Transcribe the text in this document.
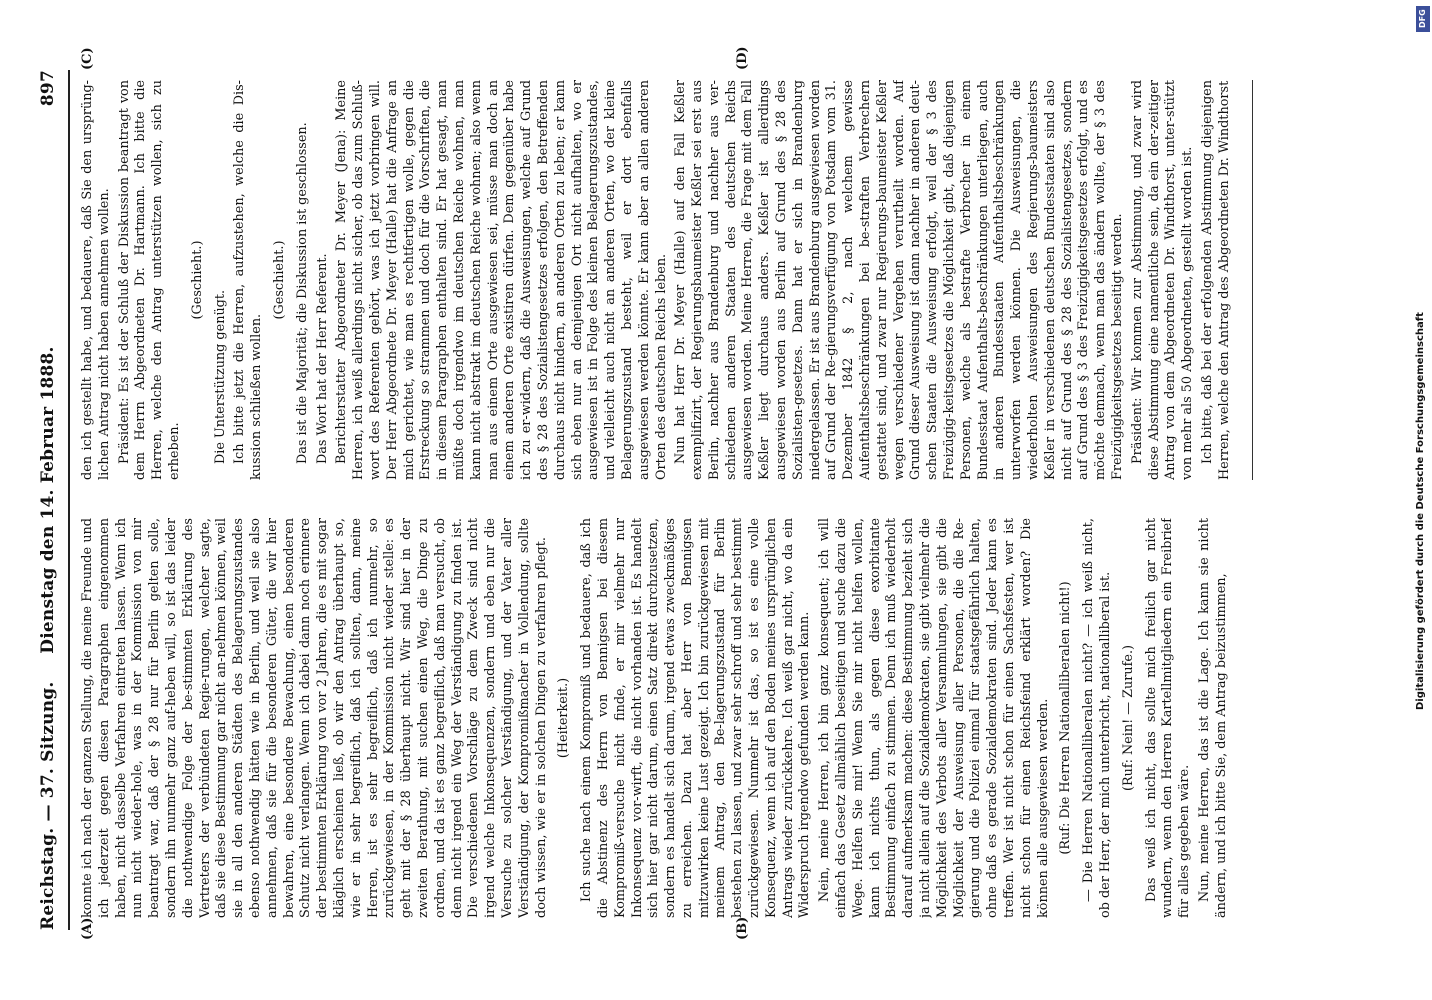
Reichstag. — 37. Sitzung.
Dienstag den 14. Februar 1888.
897
(A)	(B)
(C)	(D)

konnte ich nach der ganzen Stellung, die meine Freunde und ich jederzeit gegen diesen Paragraphen eingenommen haben, nicht dasselbe Verfahren eintreten lassen. Wenn ich nun nicht wieder-hole, was in der Kommission von mir beantragt war, daß der § 28 nur für Berlin gelten solle, sondern ihn nunmehr ganz auf-heben will, so ist das leider die nothwendige Folge der be-stimmten Erklärung des Vertreters der verbündeten Regie-rungen, welcher sagte, daß sie diese Bestimmung gar nicht an-nehmen können, weil sie in all den anderen Städten des Belagerungszustandes ebenso nothwendig hätten wie in Berlin, und weil sie also annehmen, daß sie für die besonderen Güter, die wir hier bewahren, eine besondere Bewachung, einen besonderen Schutz nicht verlangen. Wenn ich dabei dann noch erinnere der bestimmten Erklärung von vor 2 Jahren, die es mit sogar kläglich erscheinen ließ, ob wir den Antrag überhaupt so, wie er in sehr begreiflich, daß ich sollten, dann, meine Herren, ist es sehr begreiflich, daß ich nunmehr, so zurückgewiesen, in der Kommission nicht wieder stelle: es geht mit der § 28 überhaupt nicht. Wir sind hier in der zweiten Berathung, mit suchen einen Weg, die Dinge zu ordnen, und da ist es ganz begreiflich, daß man versucht, ob denn nicht irgend ein Weg der Verständigung zu finden ist. Die verschiedenen Vorschläge zu dem Zweck sind nicht irgend welche Inkonsequenzen, sondern und eben nur die Versuche zu solcher Verständigung, und der Vater aller Verständigung, der Kompromißmacher in Vollendung, sollte doch wissen, wie er in solchen Dingen zu verfahren pflegt. (Heiterkeit.) Ich suche nach einem Kompromiß und bedauere, daß ich die Abstinenz des Herrn von Bennigsen bei diesem Kompromiß-versuche nicht finde, er mir vielmehr nur Inkonsequenz vor-wirft, die nicht vorhanden ist. Es handelt sich hier gar nicht darum, einen Satz direkt durchzusetzen, sondern es handelt sich darum, irgend etwas zweckmäßiges zu erreichen. Dazu hat aber Herr von Bennigsen mitzuwirken keine Lust gezeigt. Ich bin zurückgewiesen mit meinem Antrag, den Be-lagerungszustand für Berlin bestehen zu lassen, und zwar sehr schroff und sehr bestimmt zurückgewiesen. Nunmehr ist das, so ist es eine volle Konsequenz, wenn ich auf den Boden meines ursprünglichen Antrags wieder zurückkehre. Ich weiß gar nicht, wo da ein Widerspruch irgendwo gefunden werden kann. Nein, meine Herren, ich bin ganz konsequent; ich will einfach das Gesetz allmählich beseitigen und suche dazu die Wege. Helfen Sie mir! Wenn Sie mir nicht helfen wollen, kann ich nichts thun, als gegen diese exorbitante Bestimmung einfach zu stimmen. Denn ich muß wiederholt darauf aufmerksam machen: diese Bestimmung bezieht sich ja nicht allein auf die Sozialdemokraten, sie gibt vielmehr die Möglichkeit des Verbots aller Versammlungen, sie gibt die Möglichkeit der Ausweisung aller Personen, die die Re-gierung und die Polizei einmal für staatsgefährlich halten, ohne daß es gerade Sozialdemokraten sind. Jeder kann es treffen. Wer ist nicht schon für einen Sachsfesten, wer ist nicht schon für einen Reichsfeind erklärt worden? Die können alle ausgewiesen werden. (Ruf: Die Herren Nationalliberalen nicht!) — Die Herren Nationalliberalen nicht? — ich weiß nicht, ob der Herr, der mich unterbricht, nationalliberal ist. (Ruf: Nein! — Zurufe.) Das weiß ich nicht, das sollte mich freilich gar nicht wundern, wenn den Herren Kartellmitgliedern ein Freibrief für alles gegeben wäre. Nun, meine Herren, das ist die Lage. Ich kann sie nicht ändern, und ich bitte Sie, dem Antrag beizustimmen,

den ich gestellt habe, und bedauere, daß Sie den ursprüng-lichen Antrag nicht haben annehmen wollen. Präsident: Es ist der Schluß der Diskussion beantragt von dem Herrn Abgeordneten Dr. Hartmann. Ich bitte die Herren, welche den Antrag unterstützen wollen, sich zu erheben.

(Geschieht.)

Die Unterstützung genügt. Ich bitte jetzt die Herren, aufzustehen, welche die Dis-kussion schließen wollen.

(Geschieht.) Das ist die Majorität; die Diskussion ist geschlossen. Das Wort hat der Herr Referent. Berichterstatter Abgeordneter Dr. Meyer (Jena): Meine Herren, ich weiß allerdings nicht sicher, ob das zum Schluß-wort des Referenten gehört, was ich jetzt vorbringen will. Der Herr Abgeordnete Dr. Meyer (Halle) hat die Anfrage an mich gerichtet, wie man es rechtfertigen wolle, gegen die Erstreckung so strammen und doch für die Vorschriften, die in diesem Paragraphen enthalten sind. Er hat gesagt, man müßte doch irgendwo im deutschen Reiche wohnen, man kann nicht abstrakt im deutschen Reiche wohnen; also wenn man aus einem Orte ausgewiesen sei, müsse man doch an einem anderen Orte existiren dürfen. Dem gegenüber habe ich zu er-widern, daß die Ausweisungen, welche auf Grund des § 28 des Sozialistengesetzes erfolgen, den Betreffenden durchaus nicht hindern, an anderen Orten zu leben; er kann sich eben nur an demjenigen Ort nicht aufhalten, wo er ausgewiesen ist in Folge des kleinen Belagerungszustandes, und vielleicht auch nicht an anderen Orten, wo der kleine Belagerungszustand besteht, weil er dort ebenfalls ausgewiesen werden könnte. Er kann aber an allen anderen Orten des deutschen Reichs leben. Nun hat Herr Dr. Meyer (Halle) auf den Fall Keßler exemplifizirt, der Regierungsbaumeister Keßler sei erst aus Berlin, nachher aus Brandenburg und nachher aus ver-schiedenen anderen Staaten des deutschen Reichs ausgewiesen worden. Meine Herren, die Frage mit dem Fall Keßler liegt durchaus anders. Keßler ist allerdings ausgewiesen worden aus Berlin auf Grund des § 28 des Sozialisten-gesetzes. Dann hat er sich in Brandenburg niedergelassen. Er ist aus Brandenburg ausgewiesen worden auf Grund der Re-gierungsverfügung von Potsdam vom 31. Dezember 1842 § 2, nach welchem gewisse Aufenthaltsbeschränkungen bei be-straften Verbrechern gestattet sind, und zwar nur Regierungs-baumeister Keßler wegen verschiedener Vergehen verurtheilt worden. Auf Grund dieser Ausweisung ist dann nachher in anderen deut-schen Staaten die Ausweisung erfolgt, weil der § 3 des Freizügig-keitsgesetzes die Möglichkeit gibt, daß diejenigen Personen, welche als bestrafte Verbrecher in einem Bundesstaat Aufenthalts-beschränkungen unterliegen, auch in anderen Bundesstaaten Aufenthaltsbeschränkungen unterworfen werden können. Die Ausweisungen, die wiederholten Ausweisungen des Regierungs-baumeisters Keßler in verschiedenen deutschen Bundesstaaten sind also nicht auf Grund des § 28 des Sozialistengesetzes, sondern auf Grund des § 3 des Freizügigkeitsgesetzes erfolgt, und es möchte demnach, wenn man das ändern wollte, der § 3 des Freizügigkeitsgesetzes beseitigt werden. Präsident: Wir kommen zur Abstimmung, und zwar wird diese Abstimmung eine namentliche sein, da ein der-zeitiger Antrag von dem Abgeordneten Dr. Windthorst, unter-stützt von mehr als 50 Abgeordneten, gestellt worden ist. Ich bitte, daß bei der erfolgenden Abstimmung diejenigen Herren, welche den Antrag des Abgeordneten Dr. Windthorst

Digitalisierung gefördert durch die Deutsche Forschungsgemeinschaft
DFG
